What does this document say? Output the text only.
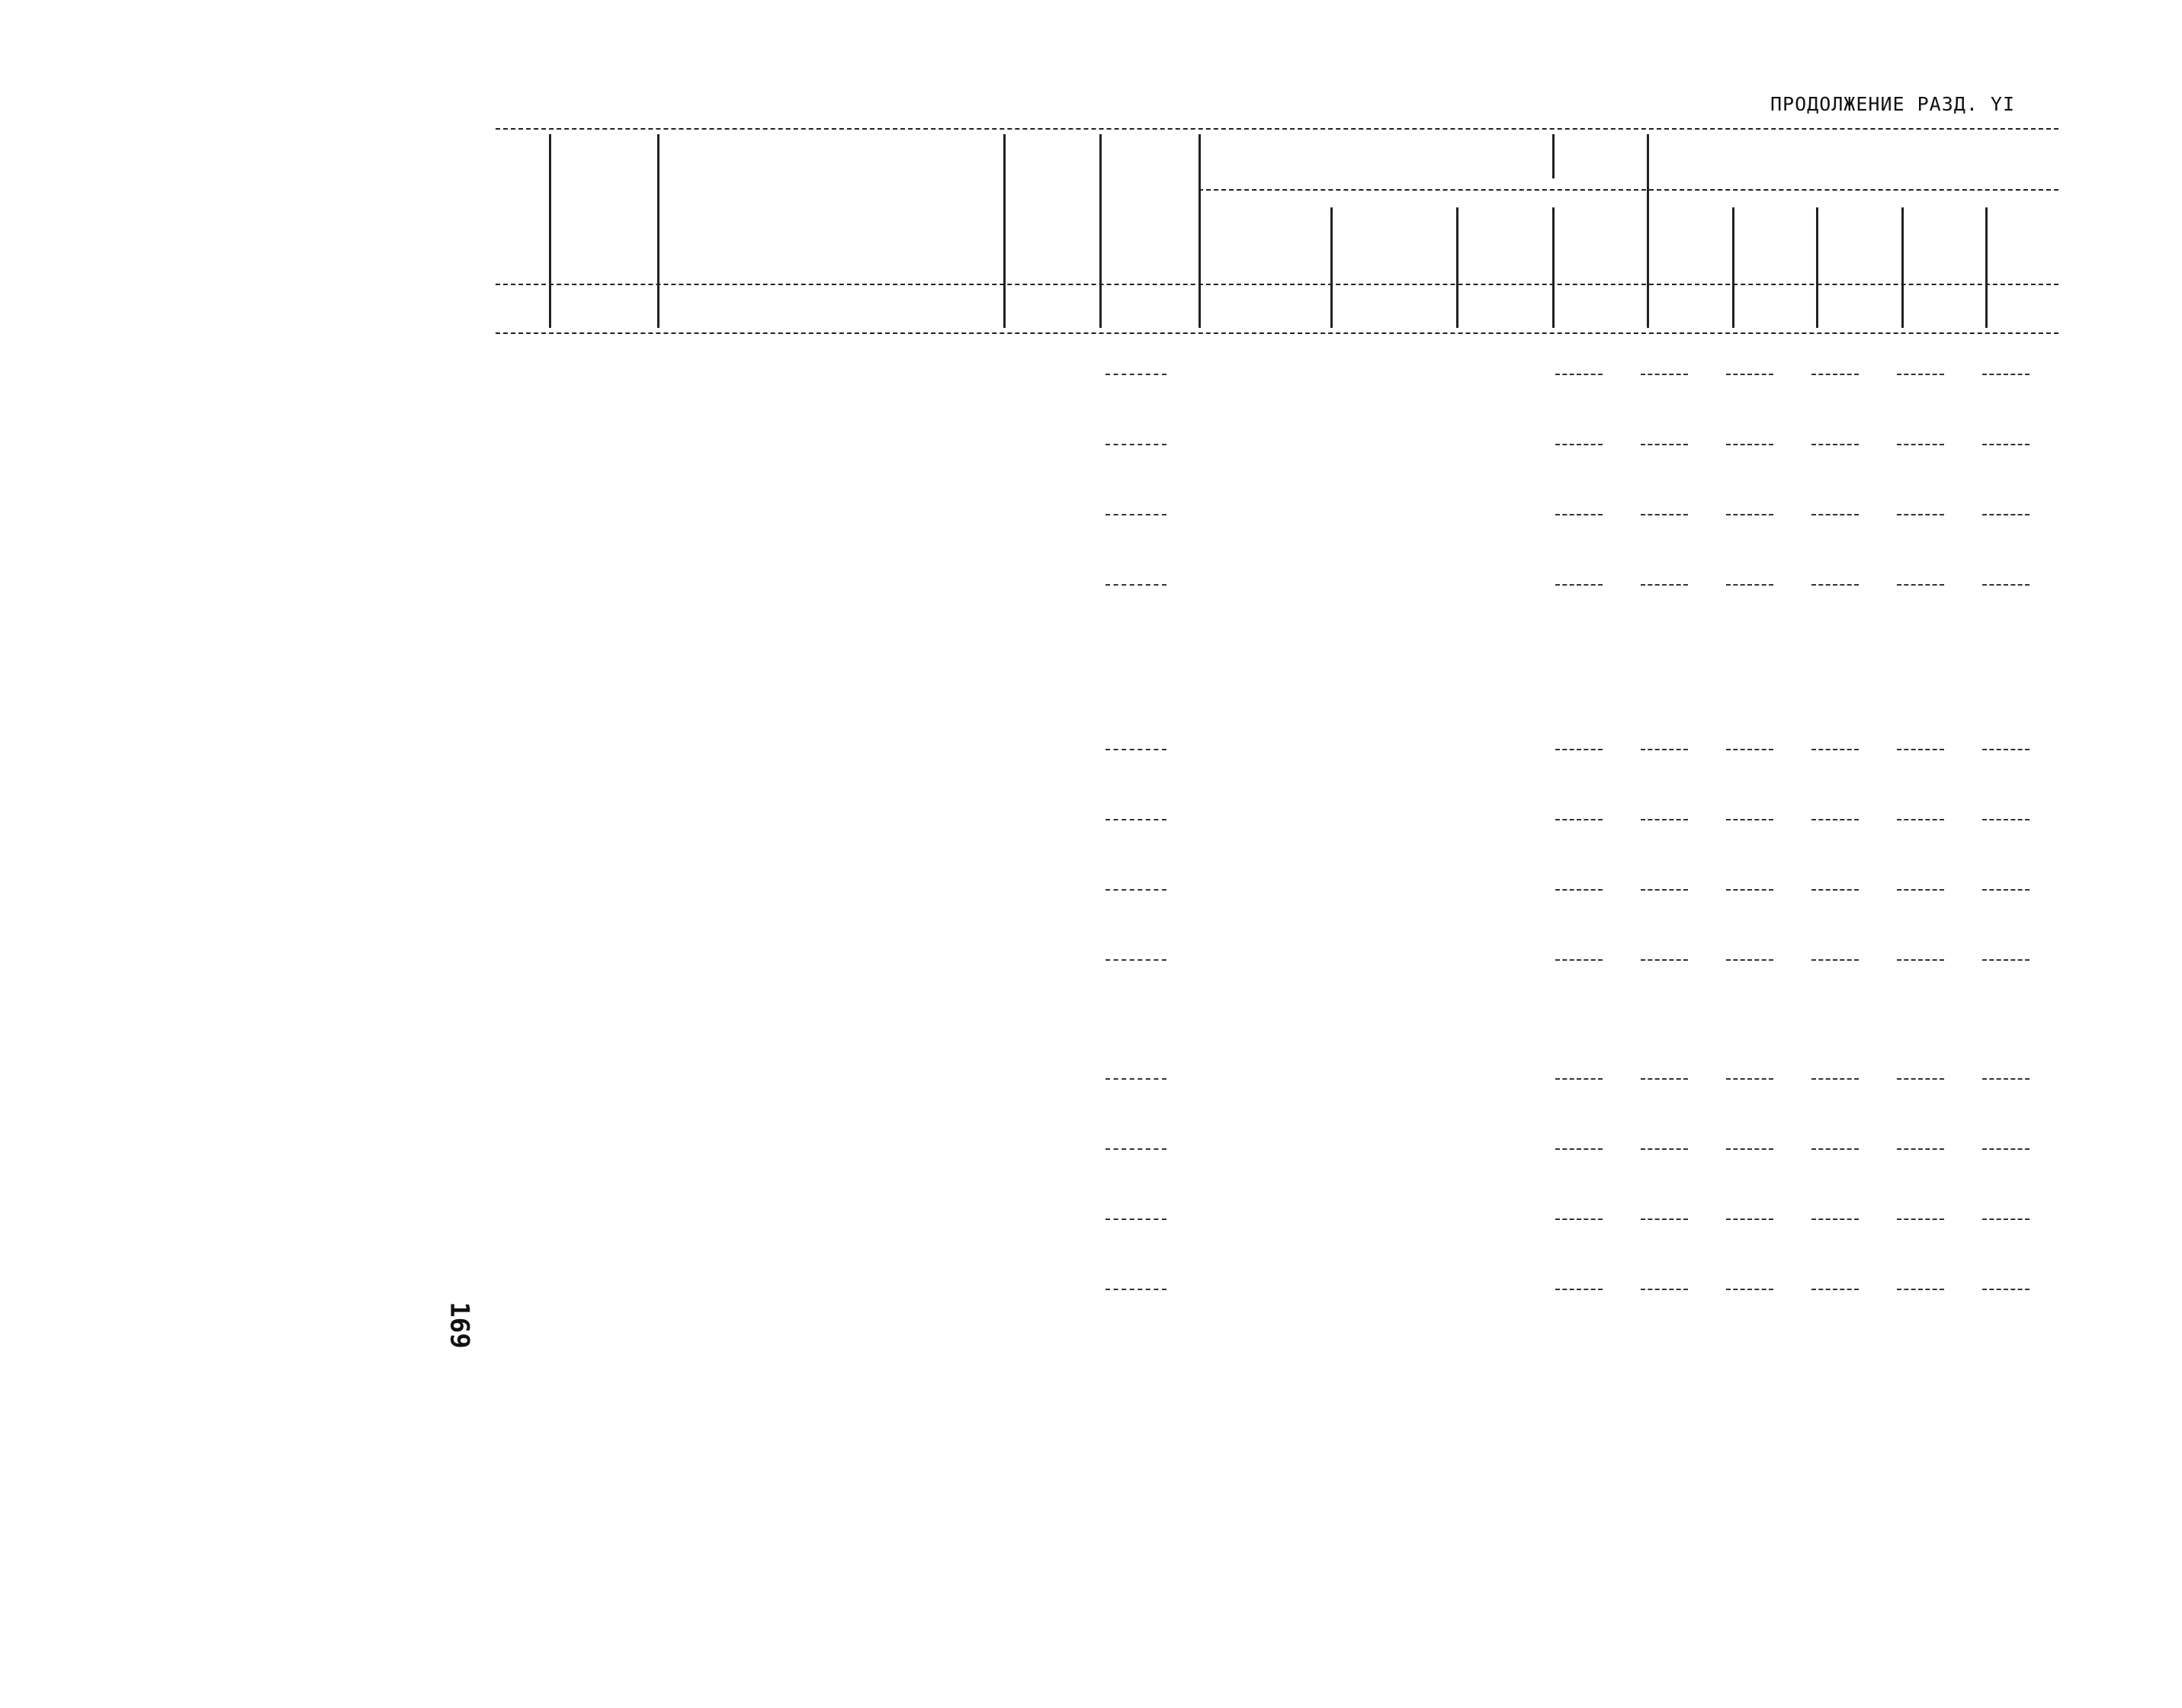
ПРОДОЛЖЕНИЕ РАЗД. YI
169
